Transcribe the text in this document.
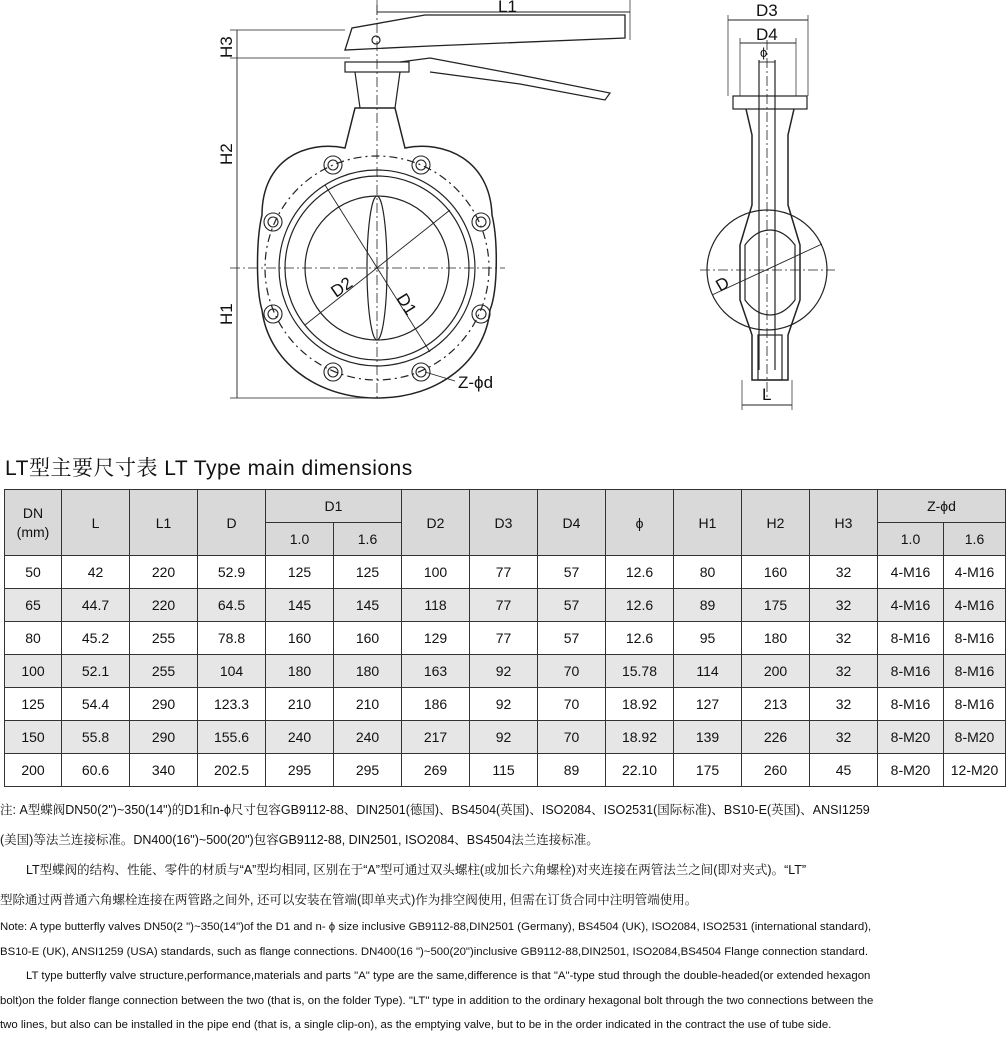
L1
H3
H2
H1
D2
D1
Z-ϕd
D3
D4
ϕ
D
L
LT型主要尺寸表 LT Type main dimensions
DN
(mm)	L	L1	D	D1		D2	D3	D4	ϕ	H1	H2	H3	Z-ϕd	
				1.0	1.6								1.0	1.6
50	42	220	52.9	125	125	100	77	57	12.6	80	160	32	4-M16	4-M16
65	44.7	220	64.5	145	145	118	77	57	12.6	89	175	32	4-M16	4-M16
80	45.2	255	78.8	160	160	129	77	57	12.6	95	180	32	8-M16	8-M16
100	52.1	255	104	180	180	163	92	70	15.78	114	200	32	8-M16	8-M16
125	54.4	290	123.3	210	210	186	92	70	18.92	127	213	32	8-M16	8-M16
150	55.8	290	155.6	240	240	217	92	70	18.92	139	226	32	8-M20	8-M20
200	60.6	340	202.5	295	295	269	115	89	22.10	175	260	45	8-M20	12-M20

注: A型蝶阀DN50(2")~350(14")的D1和n-ϕ尺寸包容GB9112-88、DIN2501(德国)、BS4504(英国)、ISO2084、ISO2531(国际标准)、BS10-E(英国)、ANSI1259

(美国)等法兰连接标准。DN400(16")~500(20")包容GB9112-88, DIN2501, ISO2084、BS4504法兰连接标准。

LT型蝶阀的结构、性能、零件的材质与“A”型均相同, 区别在于“A”型可通过双头螺柱(或加长六角螺栓)对夹连接在两管法兰之间(即对夹式)。“LT”

型除通过两普通六角螺栓连接在两管路之间外, 还可以安装在管端(即单夹式)作为排空阀使用, 但需在订货合同中注明管端使用。

Note: A type butterfly valves DN50(2 ")~350(14")of the D1 and n- ϕ size inclusive GB9112-88,DIN2501 (Germany), BS4504 (UK), ISO2084, ISO2531 (international standard),

BS10-E (UK), ANSI1259 (USA) standards, such as flange connections. DN400(16 ")~500(20")inclusive GB9112-88,DIN2501, ISO2084,BS4504 Flange connection standard.

LT type butterfly valve structure,performance,materials and parts "A" type are the same,difference is that "A"-type stud through the double-headed(or extended hexagon

bolt)on the folder flange connection between the two (that is, on the folder Type). "LT" type in addition to the ordinary hexagonal bolt through the two connections between the

two lines, but also can be installed in the pipe end (that is, a single clip-on), as the emptying valve, but to be in the order indicated in the contract the use of tube side.
